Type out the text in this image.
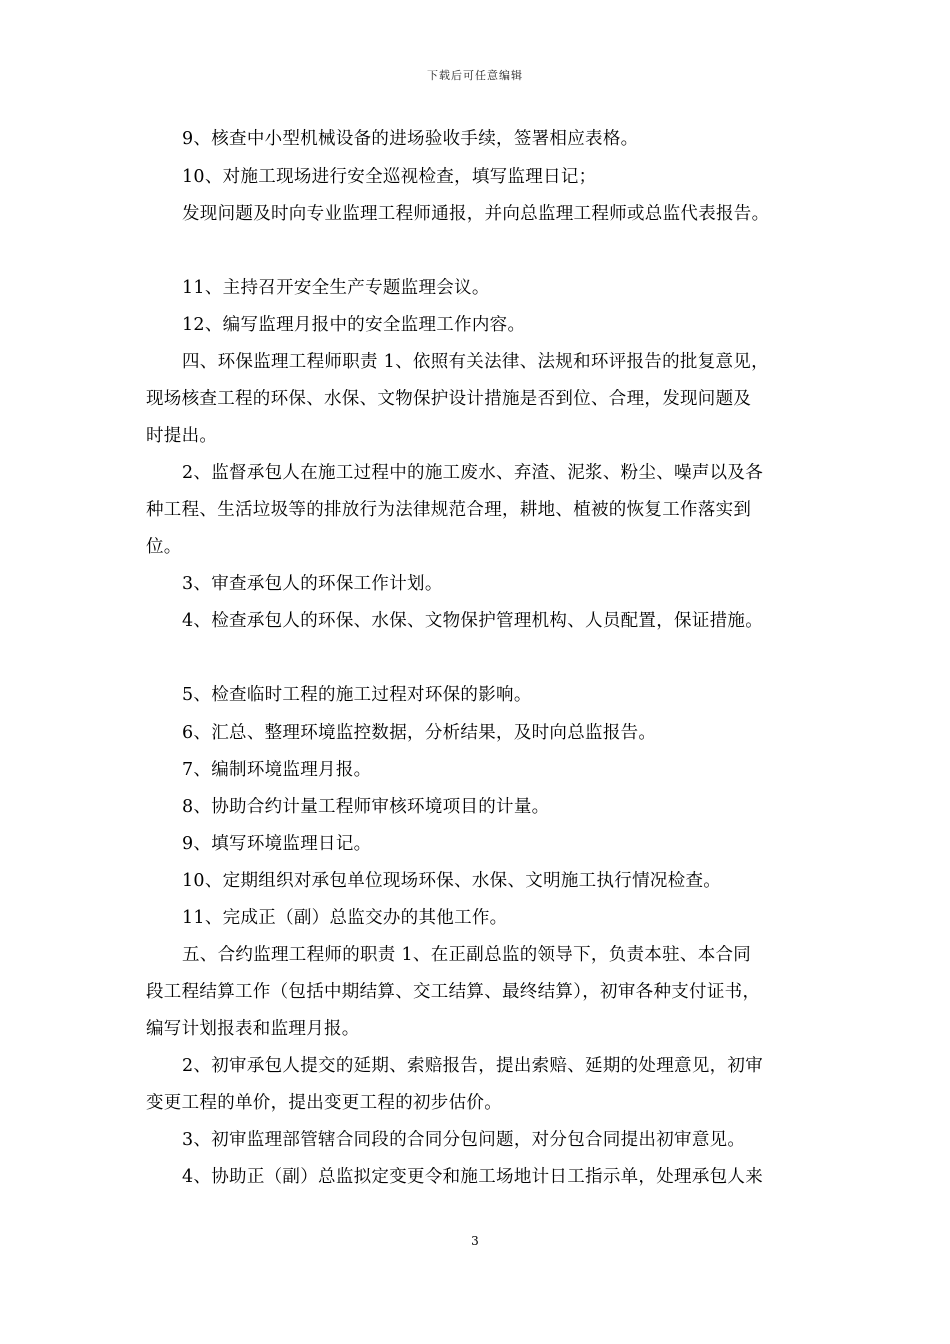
下载后可任意编辑
9、核查中小型机械设备的进场验收手续，签署相应表格。
10、对施工现场进行安全巡视检查，填写监理日记；
发现问题及时向专业监理工程师通报，并向总监理工程师或总监代表报告。
11、主持召开安全生产专题监理会议。
12、编写监理月报中的安全监理工作内容。
四、环保监理工程师职责 1、依照有关法律、法规和环评报告的批复意见，
现场核查工程的环保、水保、文物保护设计措施是否到位、合理，发现问题及
时提出。
2、监督承包人在施工过程中的施工废水、弃渣、泥浆、粉尘、噪声以及各
种工程、生活垃圾等的排放行为法律规范合理，耕地、植被的恢复工作落实到
位。
3、审查承包人的环保工作计划。
4、检查承包人的环保、水保、文物保护管理机构、人员配置，保证措施。
5、检查临时工程的施工过程对环保的影响。
6、汇总、整理环境监控数据，分析结果，及时向总监报告。
7、编制环境监理月报。
8、协助合约计量工程师审核环境项目的计量。
9、填写环境监理日记。
10、定期组织对承包单位现场环保、水保、文明施工执行情况检查。
11、完成正（副）总监交办的其他工作。
五、合约监理工程师的职责 1、在正副总监的领导下，负责本驻、本合同
段工程结算工作（包括中期结算、交工结算、最终结算），初审各种支付证书，
编写计划报表和监理月报。
2、初审承包人提交的延期、索赔报告，提出索赔、延期的处理意见，初审
变更工程的单价，提出变更工程的初步估价。
3、初审监理部管辖合同段的合同分包问题，对分包合同提出初审意见。
4、协助正（副）总监拟定变更令和施工场地计日工指示单，处理承包人来
3
